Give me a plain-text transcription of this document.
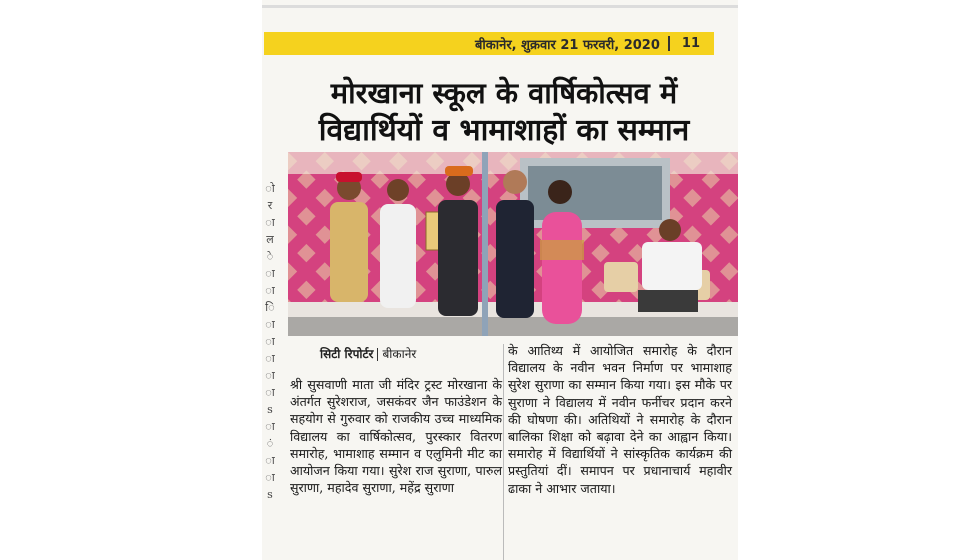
बीकानेर, शुक्रवार 21 फरवरी, 2020 11
मोरखाना स्कूल के वार्षिकोत्सव में
विद्यार्थियों व भामाशाहों का सम्मान
ो
र
ा
ल
े
ा
ा
ि
ा
ा
ा
ा
ा
s
ा
ं
ा
ा
s
सिटी रिपोर्टर बीकानेर
श्री सुसवाणी माता जी मंदिर ट्रस्ट मोरखाना के अंतर्गत सुरेशराज, जसकंवर जैन फाउंडेशन के सहयोग से गुरुवार को राजकीय उच्च माध्यमिक विद्यालय का वार्षिकोत्सव, पुरस्कार वितरण समारोह, भामाशाह सम्मान व एलुमिनी मीट का आयोजन किया गया। सुरेश राज सुराणा, पारुल सुराणा, महादेव सुराणा, महेंद्र सुराणा
के आतिथ्य में आयोजित समारोह के दौरान विद्यालय के नवीन भवन निर्माण पर भामाशाह सुरेश सुराणा का सम्मान किया गया। इस मौके पर सुराणा ने विद्यालय में नवीन फर्नीचर प्रदान करने की घोषणा की। अतिथियों ने समारोह के दौरान बालिका शिक्षा को बढ़ावा देने का आह्वान किया। समारोह में विद्यार्थियों ने सांस्कृतिक कार्यक्रम की प्रस्तुतियां दीं। समापन पर प्रधानाचार्य महावीर ढाका ने आभार जताया।
